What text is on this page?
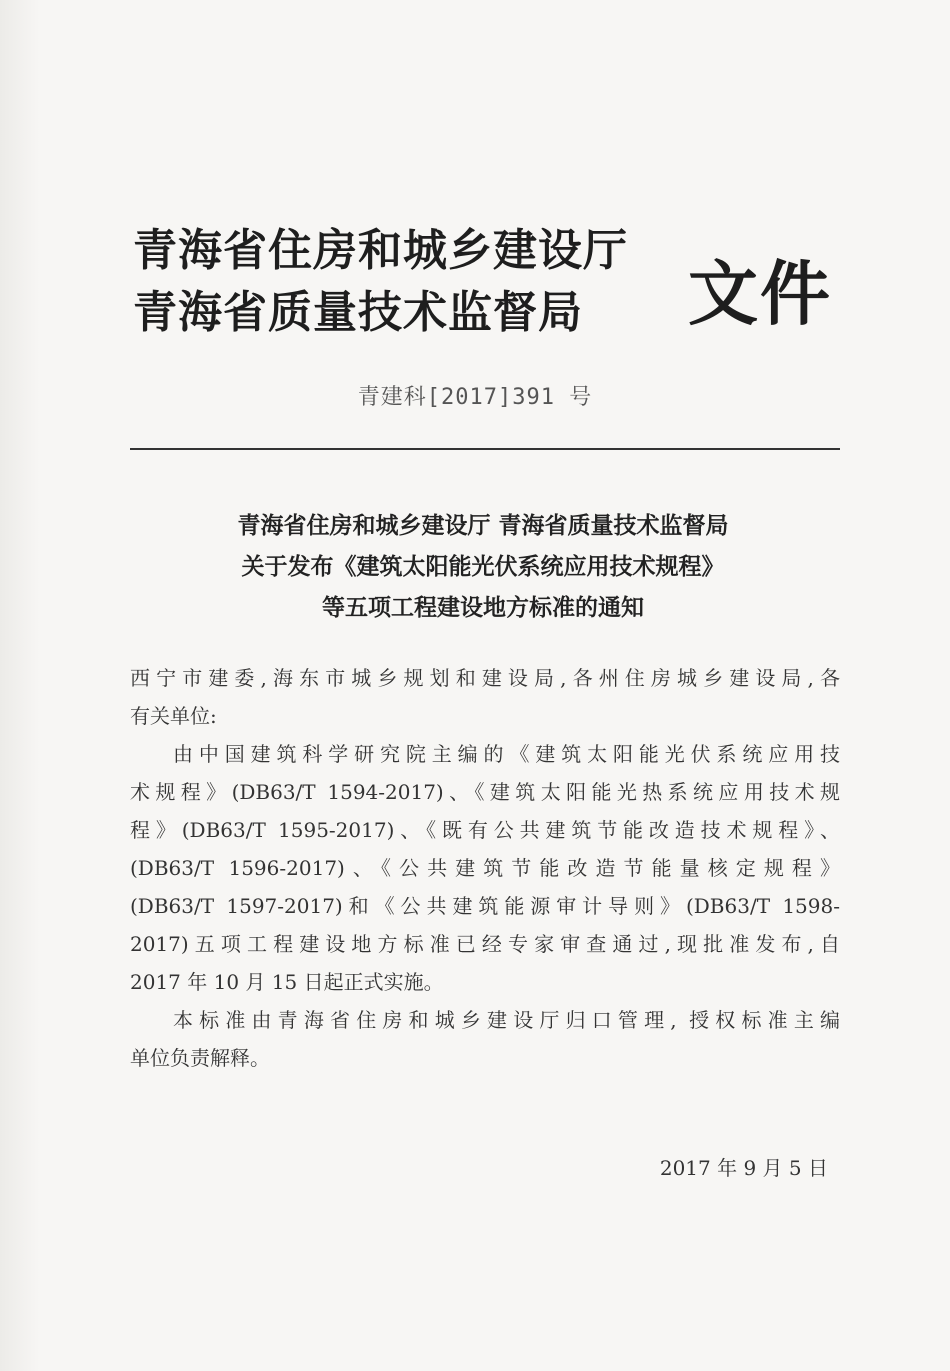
青海省住房和城乡建设厅
青海省质量技术监督局 文件
青建科[2017]391 号
青海省住房和城乡建设厅 青海省质量技术监督局
关于发布《建筑太阳能光伏系统应用技术规程》
等五项工程建设地方标准的通知
西宁市建委,海东市城乡规划和建设局,各州住房城乡建设局,各
有关单位:
由中国建筑科学研究院主编的《建筑太阳能光伏系统应用技
术规程》(DB63/T 1594-2017)、《建筑太阳能光热系统应用技术规
程》(DB63/T 1595-2017)、《既有公共建筑节能改造技术规程》、
(DB63/T 1596-2017)、《公共建筑节能改造节能量核定规程》
(DB63/T 1597-2017)和《公共建筑能源审计导则》(DB63/T 1598-
2017)五项工程建设地方标准已经专家审查通过,现批准发布,自
2017 年 10 月 15 日起正式实施。
本标准由青海省住房和城乡建设厅归口管理, 授权标准主编
单位负责解释。
2017 年 9 月 5 日
